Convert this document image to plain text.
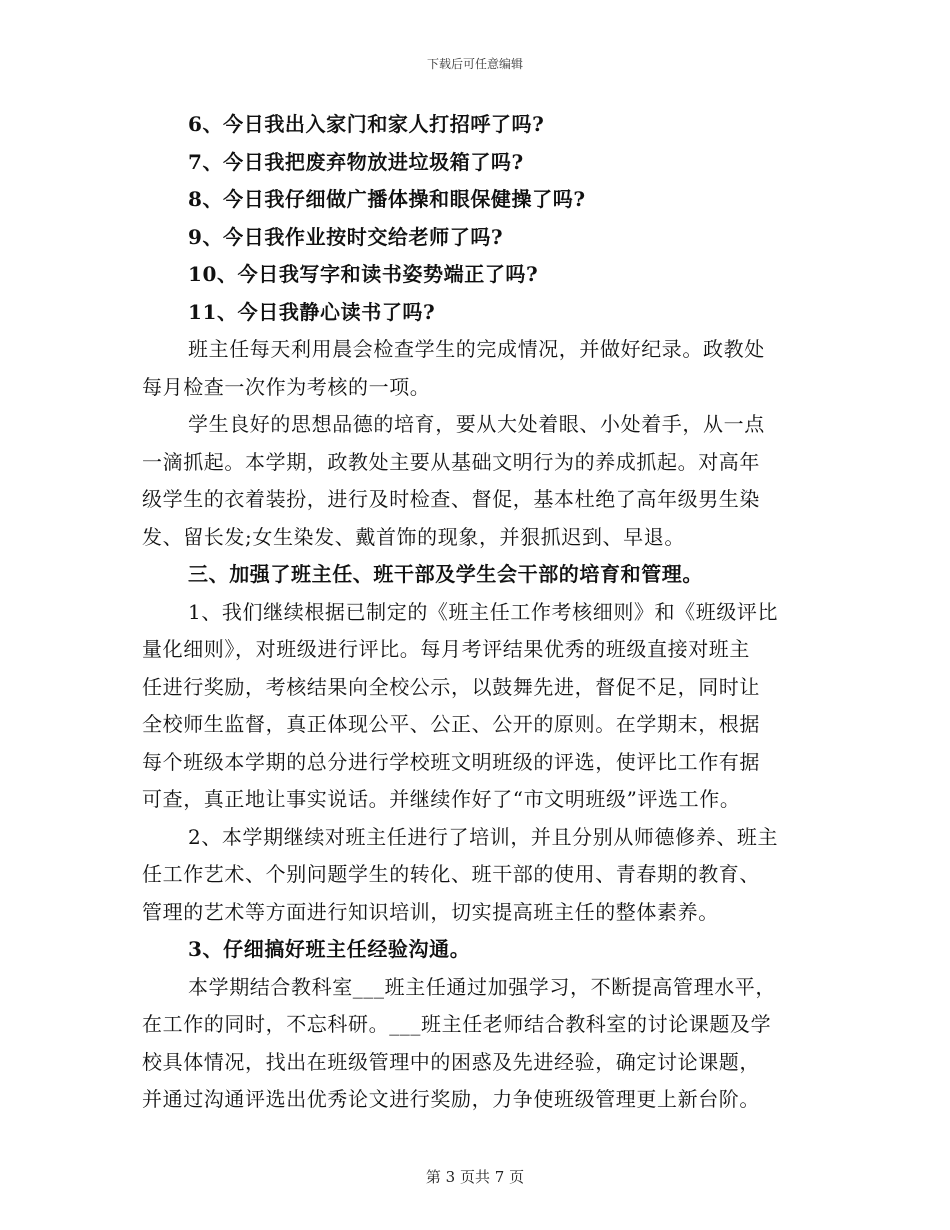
下载后可任意编辑
6、今日我出入家门和家人打招呼了吗?
7、今日我把废弃物放进垃圾箱了吗?
8、今日我仔细做广播体操和眼保健操了吗?
9、今日我作业按时交给老师了吗?
10、今日我写字和读书姿势端正了吗?
11、今日我静心读书了吗?
班主任每天利用晨会检查学生的完成情况，并做好纪录。政教处
每月检查一次作为考核的一项。
学生良好的思想品德的培育，要从大处着眼、小处着手，从一点
一滴抓起。本学期，政教处主要从基础文明行为的养成抓起。对高年
级学生的衣着装扮，进行及时检查、督促，基本杜绝了高年级男生染
发、留长发;女生染发、戴首饰的现象，并狠抓迟到、早退。
三、加强了班主任、班干部及学生会干部的培育和管理。
1、我们继续根据已制定的《班主任工作考核细则》和《班级评比
量化细则》，对班级进行评比。每月考评结果优秀的班级直接对班主
任进行奖励，考核结果向全校公示，以鼓舞先进，督促不足，同时让
全校师生监督，真正体现公平、公正、公开的原则。在学期末，根据
每个班级本学期的总分进行学校班文明班级的评选，使评比工作有据
可查，真正地让事实说话。并继续作好了“市文明班级”评选工作。
2、本学期继续对班主任进行了培训，并且分别从师德修养、班主
任工作艺术、个别问题学生的转化、班干部的使用、青春期的教育、
管理的艺术等方面进行知识培训，切实提高班主任的整体素养。
3、仔细搞好班主任经验沟通。
本学期结合教科室___班主任通过加强学习，不断提高管理水平，
在工作的同时，不忘科研。___班主任老师结合教科室的讨论课题及学
校具体情况，找出在班级管理中的困惑及先进经验，确定讨论课题，
并通过沟通评选出优秀论文进行奖励，力争使班级管理更上新台阶。
第 3 页共 7 页
